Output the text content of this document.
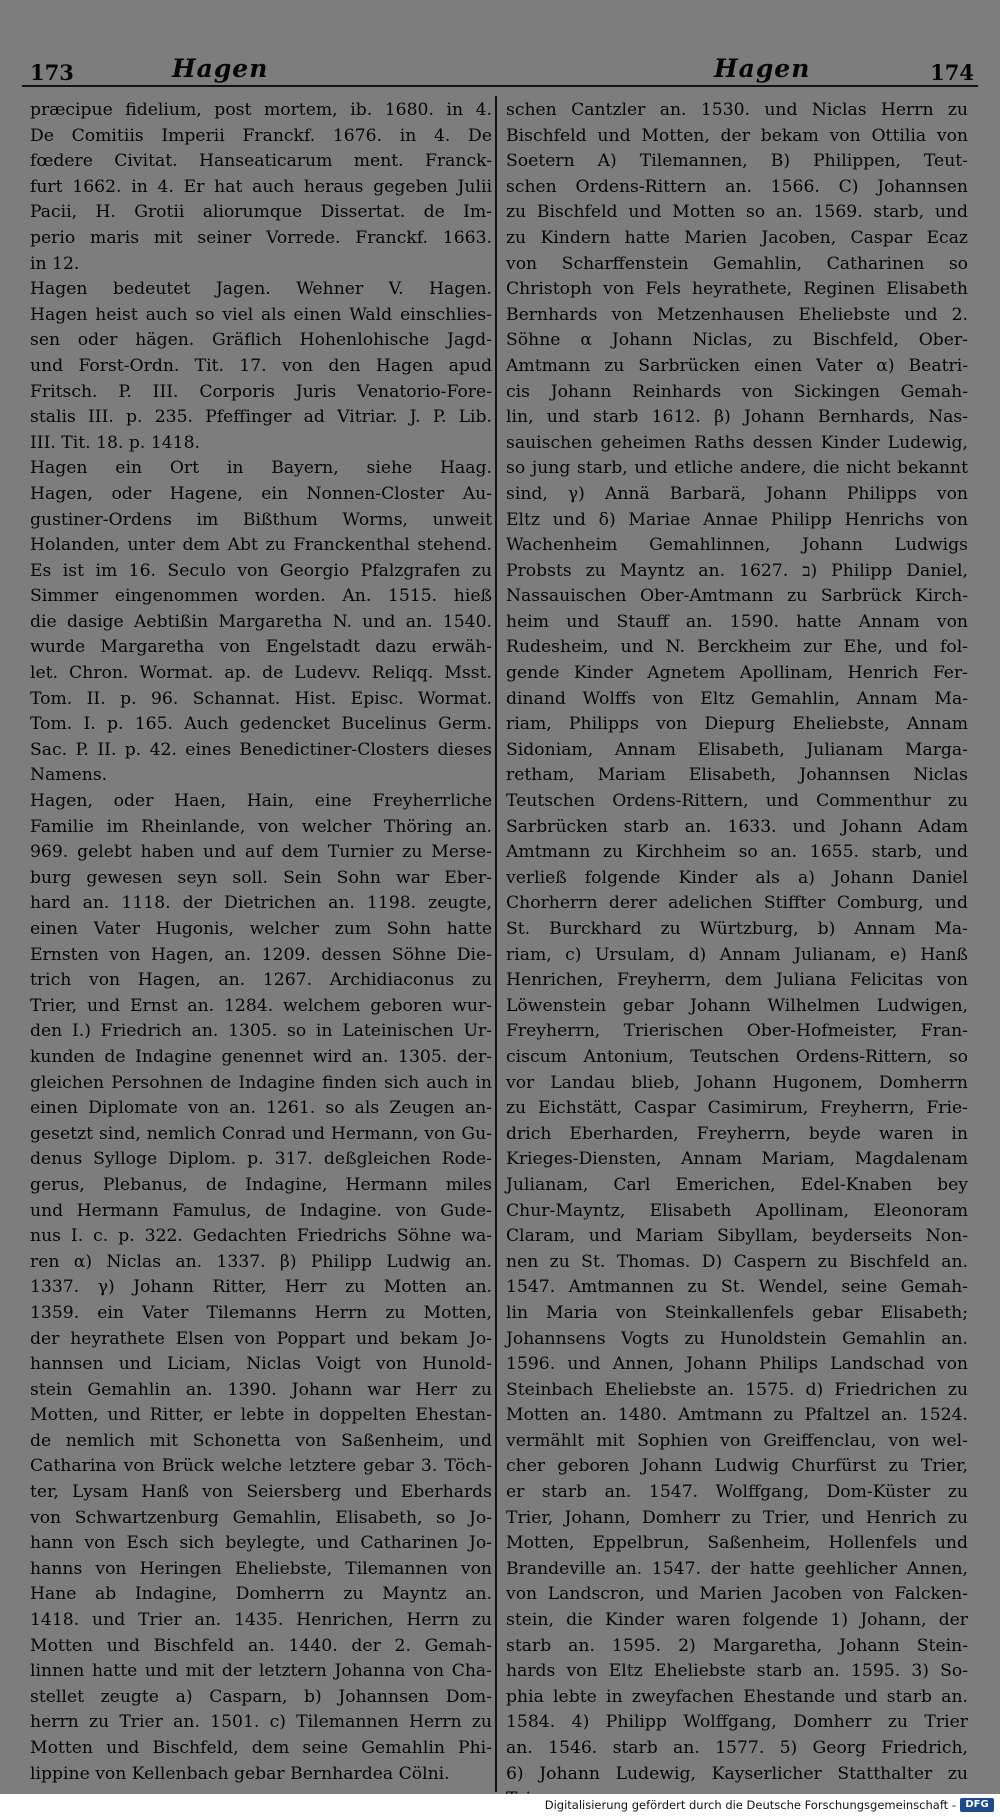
173	Hagen	Hagen	174
præcipue fidelium, post mortem, ib. 1680. in 4.
De Comitiis Imperii Franckf. 1676. in 4. De
fœdere Civitat. Hanseaticarum ment. Franck-
furt 1662. in 4. Er hat auch heraus gegeben Julii
Pacii, H. Grotii aliorumque Dissertat. de Im-
perio maris mit seiner Vorrede. Franckf. 1663.
in 12.
Hagen bedeutet Jagen. Wehner V. Hagen.
Hagen heist auch so viel als einen Wald einschlies-
sen oder hägen. Gräflich Hohenlohische Jagd-
und Forst-Ordn. Tit. 17. von den Hagen apud
Fritsch. P. III. Corporis Juris Venatorio-Fore-
stalis III. p. 235. Pfeffinger ad Vitriar. J. P. Lib.
III. Tit. 18. p. 1418.
Hagen ein Ort in Bayern, siehe Haag.
Hagen, oder Hagene, ein Nonnen-Closter Au-
gustiner-Ordens im Bißthum Worms, unweit
Holanden, unter dem Abt zu Franckenthal stehend.
Es ist im 16. Seculo von Georgio Pfalzgrafen zu
Simmer eingenommen worden. An. 1515. hieß
die dasige Aebtißin Margaretha N. und an. 1540.
wurde Margaretha von Engelstadt dazu erwäh-
let. Chron. Wormat. ap. de Ludevv. Reliqq. Msst.
Tom. II. p. 96. Schannat. Hist. Episc. Wormat.
Tom. I. p. 165. Auch gedencket Bucelinus Germ.
Sac. P. II. p. 42. eines Benedictiner-Closters dieses
Namens.
Hagen, oder Haen, Hain, eine Freyherrliche
Familie im Rheinlande, von welcher Thöring an.
969. gelebt haben und auf dem Turnier zu Merse-
burg gewesen seyn soll. Sein Sohn war Eber-
hard an. 1118. der Dietrichen an. 1198. zeugte,
einen Vater Hugonis, welcher zum Sohn hatte
Ernsten von Hagen, an. 1209. dessen Söhne Die-
trich von Hagen, an. 1267. Archidiaconus zu
Trier, und Ernst an. 1284. welchem geboren wur-
den I.) Friedrich an. 1305. so in Lateinischen Ur-
kunden de Indagine genennet wird an. 1305. der-
gleichen Persohnen de Indagine finden sich auch in
einen Diplomate von an. 1261. so als Zeugen an-
gesetzt sind, nemlich Conrad und Hermann, von Gu-
denus Sylloge Diplom. p. 317. deßgleichen Rode-
gerus, Plebanus, de Indagine, Hermann miles
und Hermann Famulus, de Indagine. von Gude-
nus I. c. p. 322. Gedachten Friedrichs Söhne wa-
ren α) Niclas an. 1337. β) Philipp Ludwig an.
1337. γ) Johann Ritter, Herr zu Motten an.
1359. ein Vater Tilemanns Herrn zu Motten,
der heyrathete Elsen von Poppart und bekam Jo-
hannsen und Liciam, Niclas Voigt von Hunold-
stein Gemahlin an. 1390. Johann war Herr zu
Motten, und Ritter, er lebte in doppelten Ehestan-
de nemlich mit Schonetta von Saßenheim, und
Catharina von Brück welche letztere gebar 3. Töch-
ter, Lysam Hanß von Seiersberg und Eberhards
von Schwartzenburg Gemahlin, Elisabeth, so Jo-
hann von Esch sich beylegte, und Catharinen Jo-
hanns von Heringen Eheliebste, Tilemannen von
Hane ab Indagine, Domherrn zu Mayntz an.
1418. und Trier an. 1435. Henrichen, Herrn zu
Motten und Bischfeld an. 1440. der 2. Gemah-
linnen hatte und mit der letztern Johanna von Cha-
stellet zeugte a) Casparn, b) Johannsen Dom-
herrn zu Trier an. 1501. c) Tilemannen Herrn zu
Motten und Bischfeld, dem seine Gemahlin Phi-
lippine von Kellenbach gebar Bernhardea Cölni.
schen Cantzler an. 1530. und Niclas Herrn zu
Bischfeld und Motten, der bekam von Ottilia von
Soetern A) Tilemannen, B) Philippen, Teut-
schen Ordens-Rittern an. 1566. C) Johannsen
zu Bischfeld und Motten so an. 1569. starb, und
zu Kindern hatte Marien Jacoben, Caspar Ecaz
von Scharffenstein Gemahlin, Catharinen so
Christoph von Fels heyrathete, Reginen Elisabeth
Bernhards von Metzenhausen Eheliebste und 2.
Söhne α Johann Niclas, zu Bischfeld, Ober-
Amtmann zu Sarbrücken einen Vater α) Beatri-
cis Johann Reinhards von Sickingen Gemah-
lin, und starb 1612. β) Johann Bernhards, Nas-
sauischen geheimen Raths dessen Kinder Ludewig,
so jung starb, und etliche andere, die nicht bekannt
sind, γ) Annä Barbarä, Johann Philipps von
Eltz und δ) Mariae Annae Philipp Henrichs von
Wachenheim Gemahlinnen, Johann Ludwigs
Probsts zu Mayntz an. 1627. ב) Philipp Daniel,
Nassauischen Ober-Amtmann zu Sarbrück Kirch-
heim und Stauff an. 1590. hatte Annam von
Rudesheim, und N. Berckheim zur Ehe, und fol-
gende Kinder Agnetem Apollinam, Henrich Fer-
dinand Wolffs von Eltz Gemahlin, Annam Ma-
riam, Philipps von Diepurg Eheliebste, Annam
Sidoniam, Annam Elisabeth, Julianam Marga-
retham, Mariam Elisabeth, Johannsen Niclas
Teutschen Ordens-Rittern, und Commenthur zu
Sarbrücken starb an. 1633. und Johann Adam
Amtmann zu Kirchheim so an. 1655. starb, und
verließ folgende Kinder als a) Johann Daniel
Chorherrn derer adelichen Stiffter Comburg, und
St. Burckhard zu Würtzburg, b) Annam Ma-
riam, c) Ursulam, d) Annam Julianam, e) Hanß
Henrichen, Freyherrn, dem Juliana Felicitas von
Löwenstein gebar Johann Wilhelmen Ludwigen,
Freyherrn, Trierischen Ober-Hofmeister, Fran-
ciscum Antonium, Teutschen Ordens-Rittern, so
vor Landau blieb, Johann Hugonem, Domherrn
zu Eichstätt, Caspar Casimirum, Freyherrn, Frie-
drich Eberharden, Freyherrn, beyde waren in
Krieges-Diensten, Annam Mariam, Magdalenam
Julianam, Carl Emerichen, Edel-Knaben bey
Chur-Mayntz, Elisabeth Apollinam, Eleonoram
Claram, und Mariam Sibyllam, beyderseits Non-
nen zu St. Thomas. D) Caspern zu Bischfeld an.
1547. Amtmannen zu St. Wendel, seine Gemah-
lin Maria von Steinkallenfels gebar Elisabeth;
Johannsens Vogts zu Hunoldstein Gemahlin an.
1596. und Annen, Johann Philips Landschad von
Steinbach Eheliebste an. 1575. d) Friedrichen zu
Motten an. 1480. Amtmann zu Pfaltzel an. 1524.
vermählt mit Sophien von Greiffenclau, von wel-
cher geboren Johann Ludwig Churfürst zu Trier,
er starb an. 1547. Wolffgang, Dom-Küster zu
Trier, Johann, Domherr zu Trier, und Henrich zu
Motten, Eppelbrun, Saßenheim, Hollenfels und
Brandeville an. 1547. der hatte geehlicher Annen,
von Landscron, und Marien Jacoben von Falcken-
stein, die Kinder waren folgende 1) Johann, der
starb an. 1595. 2) Margaretha, Johann Stein-
hards von Eltz Eheliebste starb an. 1595. 3) So-
phia lebte in zweyfachen Ehestande und starb an.
1584. 4) Philipp Wolffgang, Domherr zu Trier
an. 1546. starb an. 1577. 5) Georg Friedrich,
6) Johann Ludewig, Kayserlicher Statthalter zu
Digitalisierung gefördert durch die Deutsche Forschungsgemeinschaft - DFG
